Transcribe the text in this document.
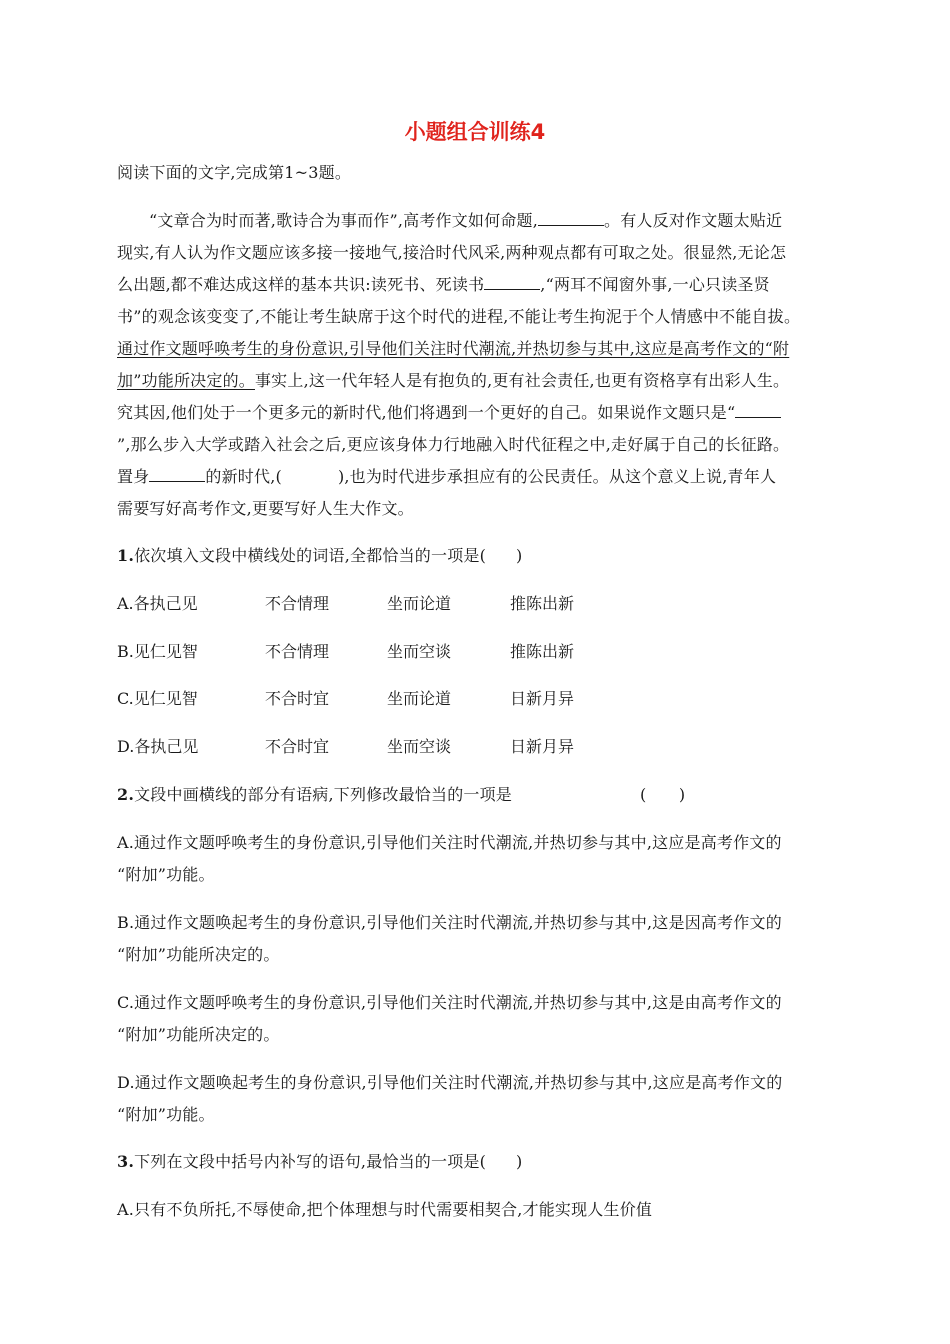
小题组合训练4
阅读下面的文字,完成第1~3题。
“文章合为时而著,歌诗合为事而作”,高考作文如何命题,	。有人反对作文题太贴近
现实,有人认为作文题应该多接一接地气,接洽时代风采,两种观点都有可取之处。很显然,无论怎
么出题,都不难达成这样的基本共识:读死书、死读书	,“两耳不闻窗外事,一心只读圣贤
书”的观念该变变了,不能让考生缺席于这个时代的进程,不能让考生拘泥于个人情感中不能自拔。
通过作文题呼唤考生的身份意识,引导他们关注时代潮流,并热切参与其中,这应是高考作文的“附
加”功能所决定的。事实上,这一代年轻人是有抱负的,更有社会责任,也更有资格享有出彩人生。
究其因,他们处于一个更多元的新时代,他们将遇到一个更好的自己。如果说作文题只是“
”,那么步入大学或踏入社会之后,更应该身体力行地融入时代征程之中,走好属于自己的长征路。
置身	的新时代,(	),也为时代进步承担应有的公民责任。从这个意义上说,青年人
需要写好高考作文,更要写好人生大作文。
1.依次填入文段中横线处的词语,全都恰当的一项是( )
A.各执己见	不合情理	坐而论道	推陈出新
B.见仁见智	不合情理	坐而空谈	推陈出新
C.见仁见智	不合时宜	坐而论道	日新月异
D.各执己见	不合时宜	坐而空谈	日新月异
2.文段中画横线的部分有语病,下列修改最恰当的一项是	(　　)
A.通过作文题呼唤考生的身份意识,引导他们关注时代潮流,并热切参与其中,这应是高考作文的
“附加”功能。
B.通过作文题唤起考生的身份意识,引导他们关注时代潮流,并热切参与其中,这是因高考作文的
“附加”功能所决定的。
C.通过作文题呼唤考生的身份意识,引导他们关注时代潮流,并热切参与其中,这是由高考作文的
“附加”功能所决定的。
D.通过作文题唤起考生的身份意识,引导他们关注时代潮流,并热切参与其中,这应是高考作文的
“附加”功能。
3.下列在文段中括号内补写的语句,最恰当的一项是( )
A.只有不负所托,不辱使命,把个体理想与时代需要相契合,才能实现人生价值
